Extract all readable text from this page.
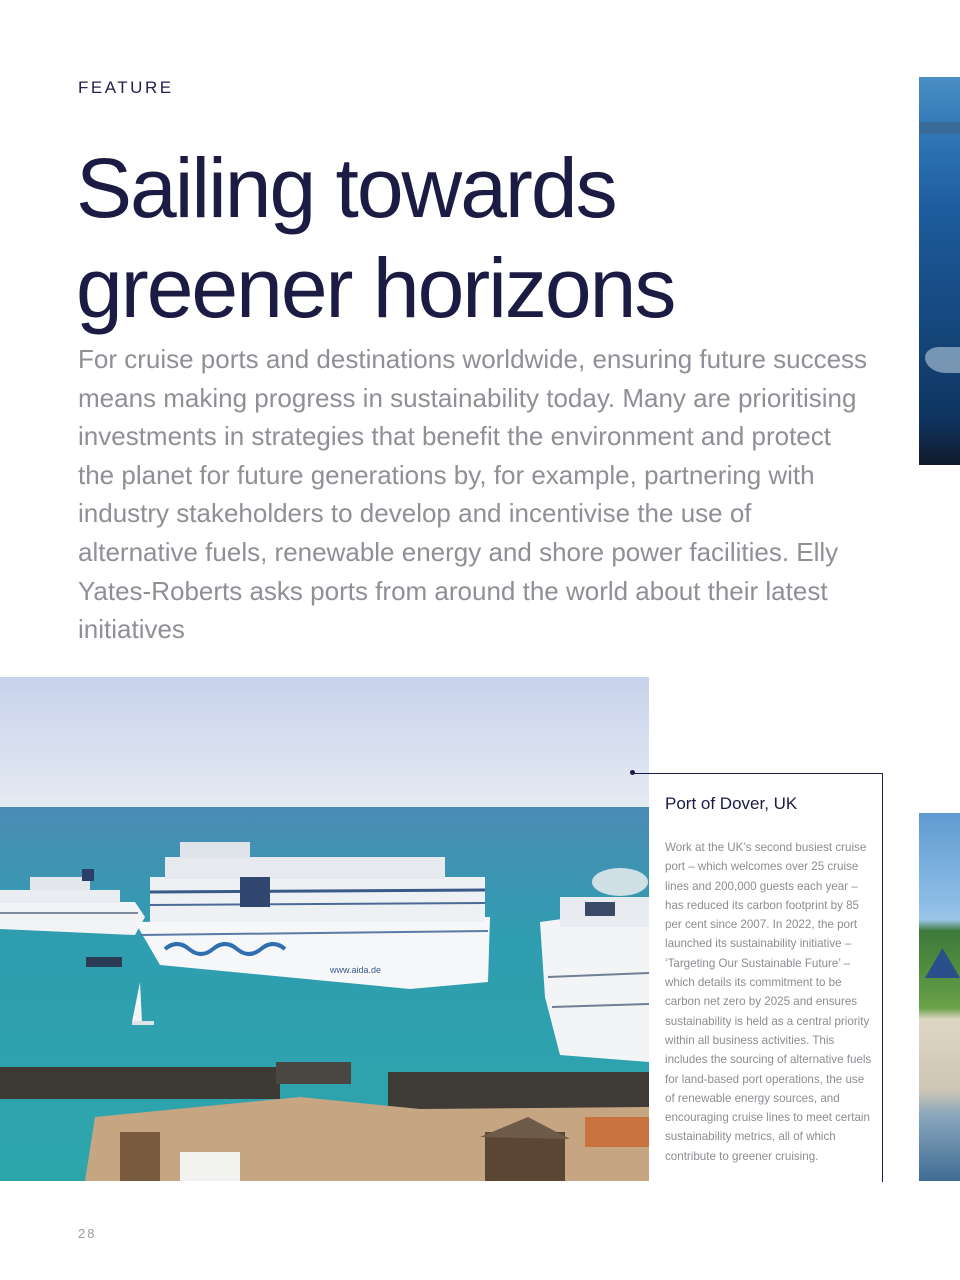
FEATURE
Sailing towards
greener horizons

For cruise ports and destinations worldwide, ensuring future success means making progress in sustainability today. Many are prioritising investments in strategies that benefit the environment and protect the planet for future generations by, for example, partnering with industry stakeholders to develop and incentivise the use of alternative fuels, renewable energy and shore power facilities. Elly Yates-Roberts asks ports from around the world about their latest initiatives

www.aida.de
Port of Dover, UK

Work at the UK’s second busiest cruise port – which welcomes over 25 cruise lines and 200,000 guests each year – has reduced its carbon footprint by 85 per cent since 2007. In 2022, the port launched its sustainability initiative – ‘Targeting Our Sustainable Future’ – which details its commitment to be carbon net zero by 2025 and ensures sustainability is held as a central priority within all business activities. This includes the sourcing of alternative fuels for land-based port operations, the use of renewable energy sources, and encouraging cruise lines to meet certain sustainability metrics, all of which contribute to greener cruising.

28
